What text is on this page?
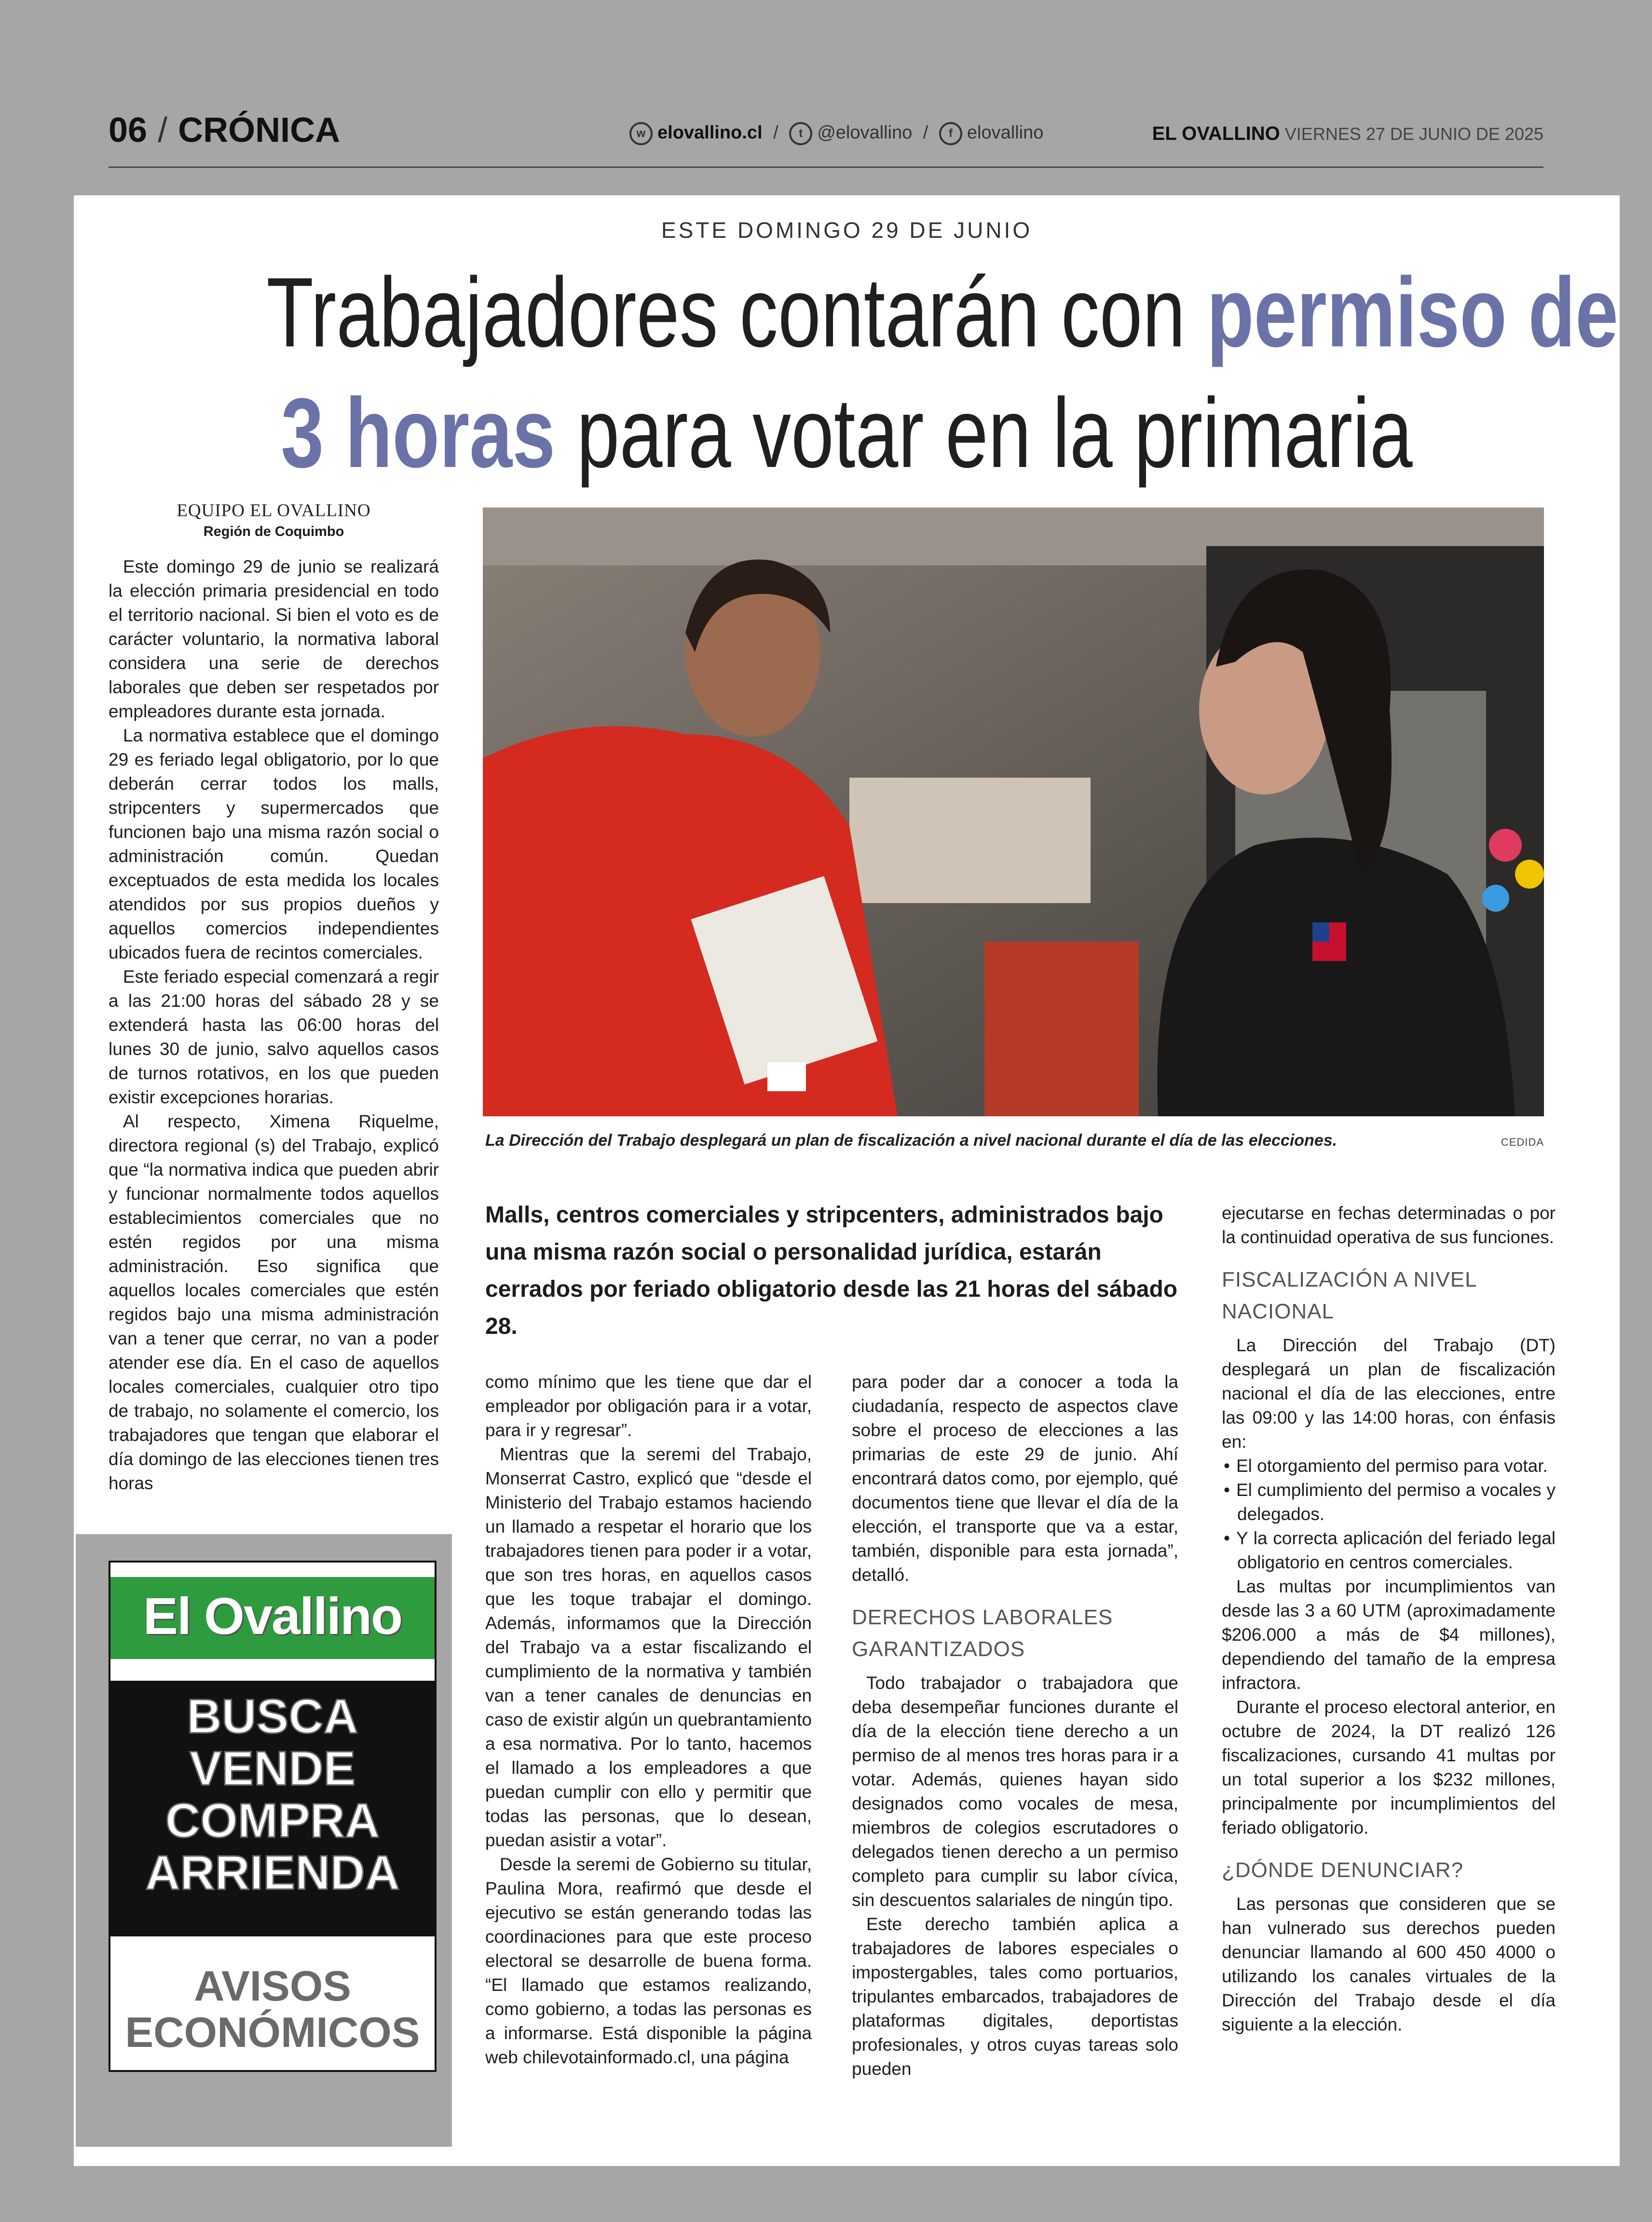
06 / CRÓNICA	w elovallino.cl / t @elovallino / f elovallino	EL OVALLINO VIERNES 27 DE JUNIO DE 2025
ESTE DOMINGO 29 DE JUNIO
Trabajadores contarán con permiso de
3 horas para votar en la primaria
EQUIPO EL OVALLINO
Región de Coquimbo

Este domingo 29 de junio se realizará la elección primaria presidencial en todo el territorio nacional. Si bien el voto es de carácter voluntario, la normativa laboral considera una serie de derechos laborales que deben ser respetados por empleadores durante esta jornada.

La normativa establece que el domingo 29 es feriado legal obligatorio, por lo que deberán cerrar todos los malls, stripcenters y supermercados que funcionen bajo una misma razón social o administración común. Quedan exceptuados de esta medida los locales atendidos por sus propios dueños y aquellos comercios independientes ubicados fuera de recintos comerciales.

Este feriado especial comenzará a regir a las 21:00 horas del sábado 28 y se extenderá hasta las 06:00 horas del lunes 30 de junio, salvo aquellos casos de turnos rotativos, en los que pueden existir excepciones horarias.

Al respecto, Ximena Riquelme, directora regional (s) del Trabajo, explicó que “la normativa indica que pueden abrir y funcionar normalmente todos aquellos establecimientos comerciales que no estén regidos por una misma administración. Eso significa que aquellos locales comerciales que estén regidos bajo una misma administración van a tener que cerrar, no van a poder atender ese día. En el caso de aquellos locales comerciales, cualquier otro tipo de trabajo, no solamente el comercio, los trabajadores que tengan que elaborar el día domingo de las elecciones tienen tres horas

La Dirección del Trabajo desplegará un plan de fiscalización a nivel nacional durante el día de las elecciones.	CEDIDA
Malls, centros comerciales y stripcenters, administrados bajo una misma razón social o personalidad jurídica, estarán cerrados por feriado obligatorio desde las 21 horas del sábado 28.

como mínimo que les tiene que dar el empleador por obligación para ir a votar, para ir y regresar”.

Mientras que la seremi del Trabajo, Monserrat Castro, explicó que “desde el Ministerio del Trabajo estamos haciendo un llamado a respetar el horario que los trabajadores tienen para poder ir a votar, que son tres horas, en aquellos casos que les toque trabajar el domingo. Además, informamos que la Dirección del Trabajo va a estar fiscalizando el cumplimiento de la normativa y también van a tener canales de denuncias en caso de existir algún un quebrantamiento a esa normativa. Por lo tanto, hacemos el llamado a los empleadores a que puedan cumplir con ello y permitir que todas las personas, que lo desean, puedan asistir a votar”.

Desde la seremi de Gobierno su titular, Paulina Mora, reafirmó que desde el ejecutivo se están generando todas las coordinaciones para que este proceso electoral se desarrolle de buena forma. “El llamado que estamos realizando, como gobierno, a todas las personas es a informarse. Está disponible la página web chilevotainformado.cl, una página

para poder dar a conocer a toda la ciudadanía, respecto de aspectos clave sobre el proceso de elecciones a las primarias de este 29 de junio. Ahí encontrará datos como, por ejemplo, qué documentos tiene que llevar el día de la elección, el transporte que va a estar, también, disponible para esta jornada”, detalló.

DERECHOS LABORALES GARANTIZADOS

Todo trabajador o trabajadora que deba desempeñar funciones durante el día de la elección tiene derecho a un permiso de al menos tres horas para ir a votar. Además, quienes hayan sido designados como vocales de mesa, miembros de colegios escrutadores o delegados tienen derecho a un permiso completo para cumplir su labor cívica, sin descuentos salariales de ningún tipo.

Este derecho también aplica a trabajadores de labores especiales o impostergables, tales como portuarios, tripulantes embarcados, trabajadores de plataformas digitales, deportistas profesionales, y otros cuyas tareas solo pueden

ejecutarse en fechas determinadas o por la continuidad operativa de sus funciones.

FISCALIZACIÓN A NIVEL NACIONAL

La Dirección del Trabajo (DT) desplegará un plan de fiscalización nacional el día de las elecciones, entre las 09:00 y las 14:00 horas, con énfasis en:

• El otorgamiento del permiso para votar.

• El cumplimiento del permiso a vocales y delegados.

• Y la correcta aplicación del feriado legal obligatorio en centros comerciales.

Las multas por incumplimientos van desde las 3 a 60 UTM (aproximadamente $206.000 a más de $4 millones), dependiendo del tamaño de la empresa infractora.

Durante el proceso electoral anterior, en octubre de 2024, la DT realizó 126 fiscalizaciones, cursando 41 multas por un total superior a los $232 millones, principalmente por incumplimientos del feriado obligatorio.

¿DÓNDE DENUNCIAR?

Las personas que consideren que se han vulnerado sus derechos pueden denunciar llamando al 600 450 4000 o utilizando los canales virtuales de la Dirección del Trabajo desde el día siguiente a la elección.

El Ovallino
BUSCA
VENDE
COMPRA
ARRIENDA
AVISOS
ECONÓMICOS
